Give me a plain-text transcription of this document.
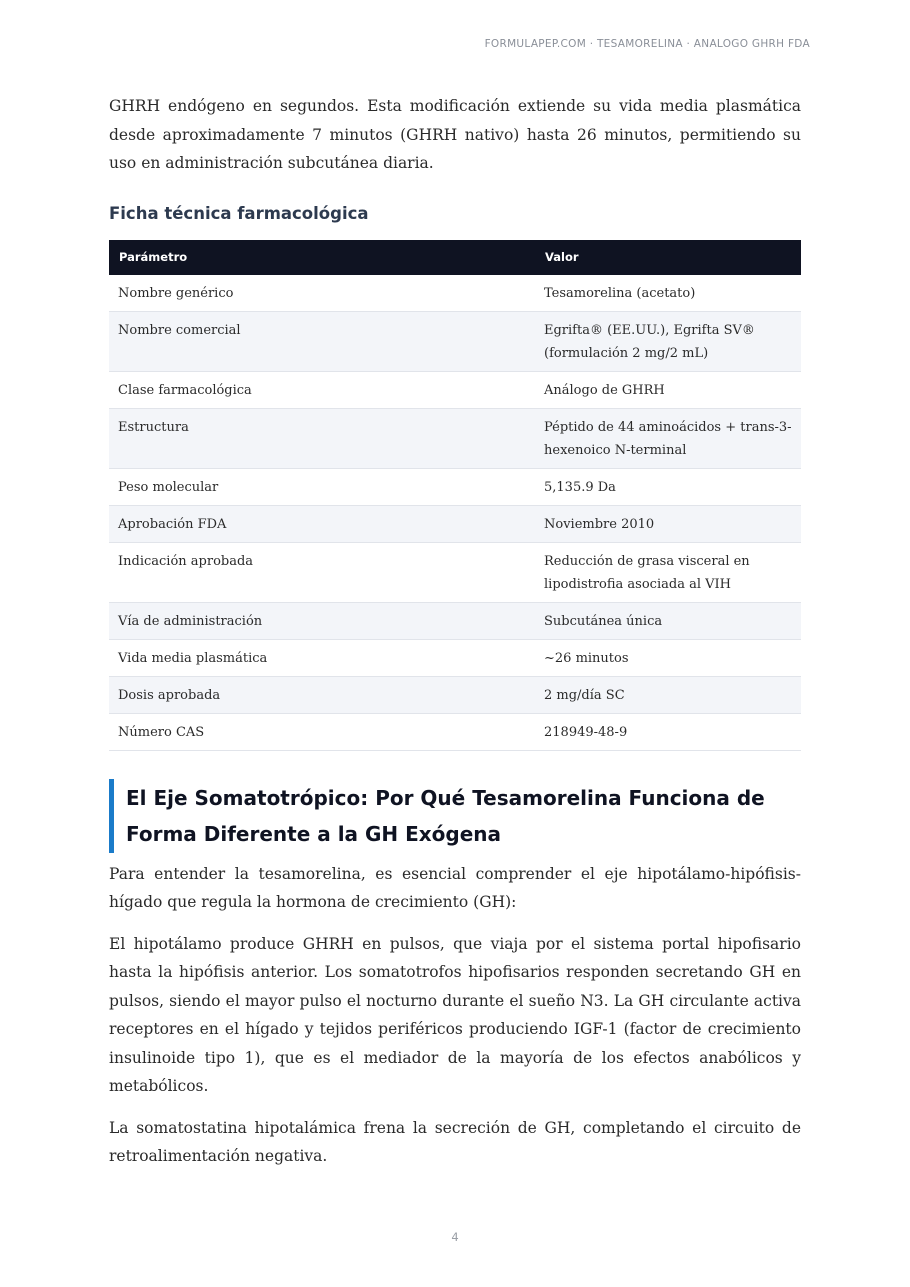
FORMULAPEP.COM · TESAMORELINA · ANALOGO GHRH FDA

GHRH endógeno en segundos. Esta modificación extiende su vida media plasmática desde aproximadamente 7 minutos (GHRH nativo) hasta 26 minutos, permitiendo su uso en administración subcutánea diaria.

Ficha técnica farmacológica
Parámetro	Valor
Nombre genérico	Tesamorelina (acetato)
Nombre comercial	Egrifta® (EE.UU.), Egrifta SV® (formulación 2 mg/2 mL)
Clase farmacológica	Análogo de GHRH
Estructura	Péptido de 44 aminoácidos + trans-3-hexenoico N-terminal
Peso molecular	5,135.9 Da
Aprobación FDA	Noviembre 2010
Indicación aprobada	Reducción de grasa visceral en lipodistrofia asociada al VIH
Vía de administración	Subcutánea única
Vida media plasmática	~26 minutos
Dosis aprobada	2 mg/día SC
Número CAS	218949-48-9
El Eje Somatotrópico: Por Qué Tesamorelina Funciona de Forma Diferente a la GH Exógena

Para entender la tesamorelina, es esencial comprender el eje hipotálamo-hipófisis-hígado que regula la hormona de crecimiento (GH):

El hipotálamo produce GHRH en pulsos, que viaja por el sistema portal hipofisario hasta la hipófisis anterior. Los somatotrofos hipofisarios responden secretando GH en pulsos, siendo el mayor pulso el nocturno durante el sueño N3. La GH circulante activa receptores en el hígado y tejidos periféricos produciendo IGF-1 (factor de crecimiento insulinoide tipo 1), que es el mediador de la mayoría de los efectos anabólicos y metabólicos.

La somatostatina hipotalámica frena la secreción de GH, completando el circuito de retroalimentación negativa.

4
